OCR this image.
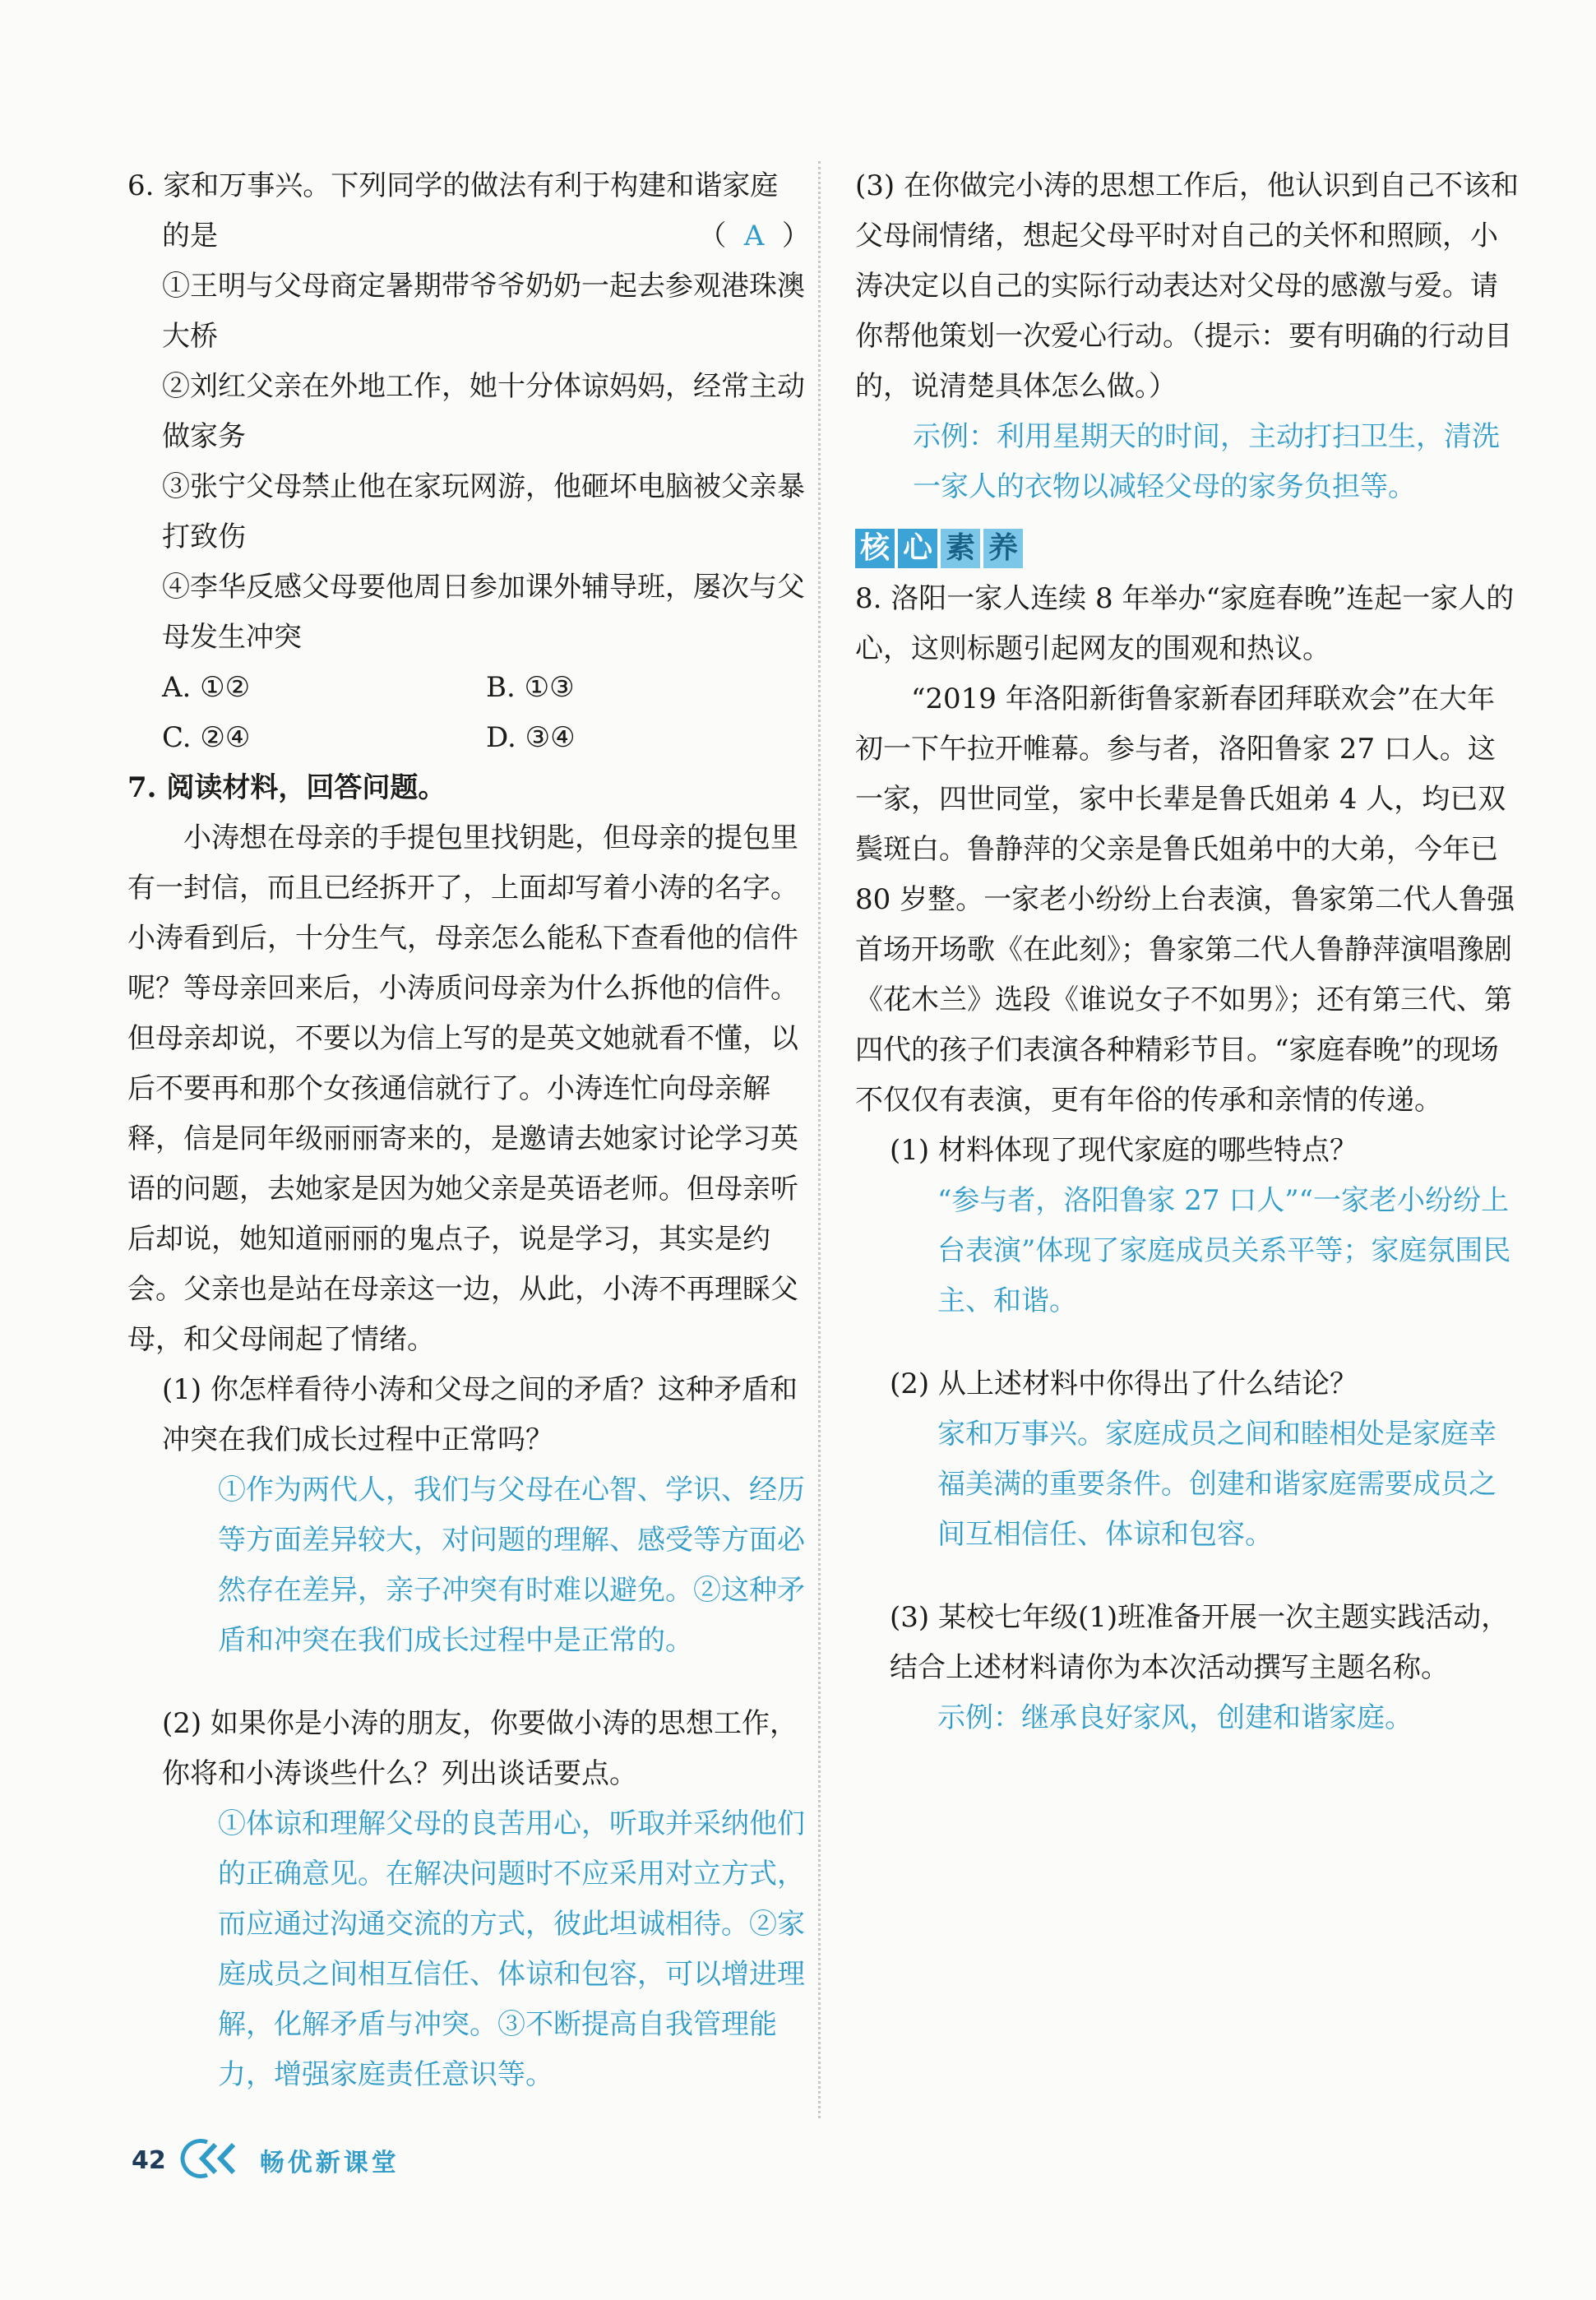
6. 家和万事兴。下列同学的做法有利于构建和谐家庭

的是	（ A ）

①王明与父母商定暑期带爷爷奶奶一起去参观港珠澳大桥

②刘红父亲在外地工作，她十分体谅妈妈，经常主动做家务

③张宁父母禁止他在家玩网游，他砸坏电脑被父亲暴打致伤

④李华反感父母要他周日参加课外辅导班，屡次与父母发生冲突

A. ①②	B. ①③
C. ②④	D. ③④

7. 阅读材料，回答问题。

小涛想在母亲的手提包里找钥匙，但母亲的提包里有一封信，而且已经拆开了，上面却写着小涛的名字。小涛看到后，十分生气，母亲怎么能私下查看他的信件呢？等母亲回来后，小涛质问母亲为什么拆他的信件。但母亲却说，不要以为信上写的是英文她就看不懂，以后不要再和那个女孩通信就行了。小涛连忙向母亲解释，信是同年级丽丽寄来的，是邀请去她家讨论学习英语的问题，去她家是因为她父亲是英语老师。但母亲听后却说，她知道丽丽的鬼点子，说是学习，其实是约会。父亲也是站在母亲这一边，从此，小涛不再理睬父母，和父母闹起了情绪。

(1) 你怎样看待小涛和父母之间的矛盾？这种矛盾和冲突在我们成长过程中正常吗？

①作为两代人，我们与父母在心智、学识、经历等方面差异较大，对问题的理解、感受等方面必然存在差异，亲子冲突有时难以避免。②这种矛盾和冲突在我们成长过程中是正常的。

(2) 如果你是小涛的朋友，你要做小涛的思想工作，你将和小涛谈些什么？列出谈话要点。

①体谅和理解父母的良苦用心，听取并采纳他们的正确意见。在解决问题时不应采用对立方式，而应通过沟通交流的方式，彼此坦诚相待。②家庭成员之间相互信任、体谅和包容，可以增进理解，化解矛盾与冲突。③不断提高自我管理能力，增强家庭责任意识等。

(3) 在你做完小涛的思想工作后，他认识到自己不该和父母闹情绪，想起父母平时对自己的关怀和照顾，小涛决定以自己的实际行动表达对父母的感激与爱。请你帮他策划一次爱心行动。（提示：要有明确的行动目的，说清楚具体怎么做。）

示例：利用星期天的时间，主动打扫卫生，清洗一家人的衣物以减轻父母的家务负担等。

核 心 素 养

8. 洛阳一家人连续 8 年举办“家庭春晚”连起一家人的心，这则标题引起网友的围观和热议。

“2019 年洛阳新街鲁家新春团拜联欢会”在大年初一下午拉开帷幕。参与者，洛阳鲁家 27 口人。这一家，四世同堂，家中长辈是鲁氏姐弟 4 人，均已双鬓斑白。鲁静萍的父亲是鲁氏姐弟中的大弟，今年已 80 岁整。一家老小纷纷上台表演，鲁家第二代人鲁强首场开场歌《在此刻》；鲁家第二代人鲁静萍演唱豫剧《花木兰》选段《谁说女子不如男》；还有第三代、第四代的孩子们表演各种精彩节目。“家庭春晚”的现场不仅仅有表演，更有年俗的传承和亲情的传递。

(1) 材料体现了现代家庭的哪些特点？

“参与者，洛阳鲁家 27 口人”“一家老小纷纷上台表演”体现了家庭成员关系平等；家庭氛围民主、和谐。

(2) 从上述材料中你得出了什么结论？

家和万事兴。家庭成员之间和睦相处是家庭幸福美满的重要条件。创建和谐家庭需要成员之间互相信任、体谅和包容。

(3) 某校七年级(1)班准备开展一次主题实践活动，结合上述材料请你为本次活动撰写主题名称。

示例：继承良好家风，创建和谐家庭。

42	畅优新课堂
